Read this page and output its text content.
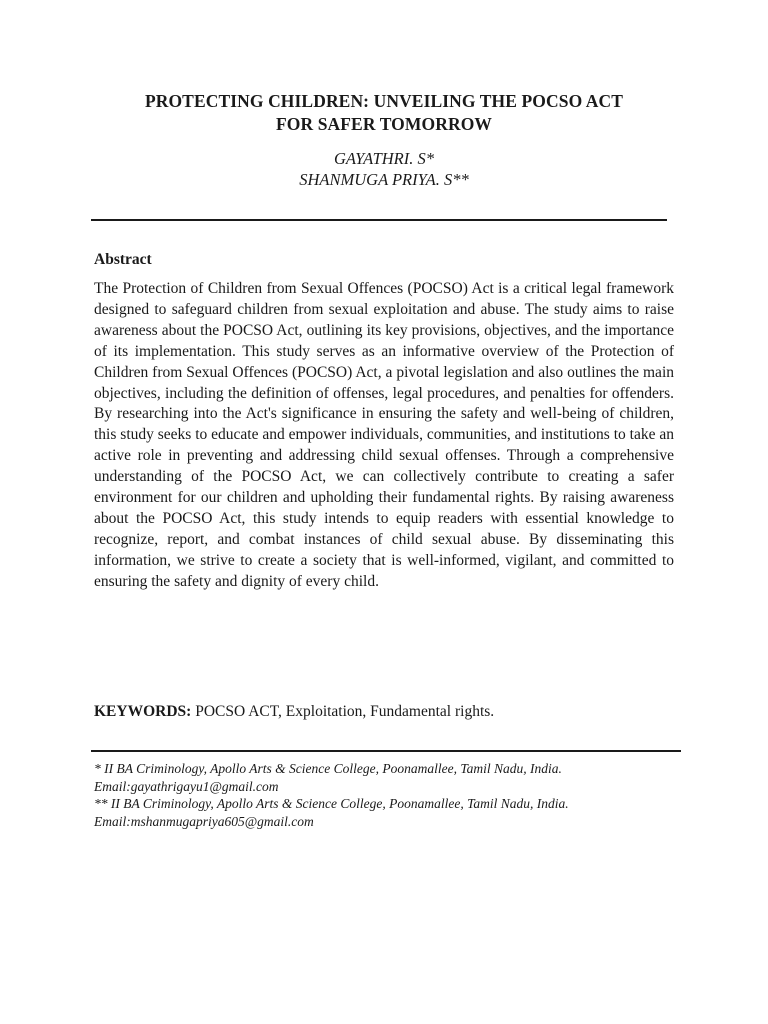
PROTECTING CHILDREN: UNVEILING THE POCSO ACT
FOR SAFER TOMORROW
GAYATHRI. S*
SHANMUGA PRIYA. S**
Abstract

The Protection of Children from Sexual Offences (POCSO) Act is a critical legal framework designed to safeguard children from sexual exploitation and abuse. The study aims to raise awareness about the POCSO Act, outlining its key provisions, objectives, and the importance of its implementation. This study serves as an informative overview of the Protection of Children from Sexual Offences (POCSO) Act, a pivotal legislation and also outlines the main objectives, including the definition of offenses, legal procedures, and penalties for offenders. By researching into the Act's significance in ensuring the safety and well-being of children, this study seeks to educate and empower individuals, communities, and institutions to take an active role in preventing and addressing child sexual offenses. Through a comprehensive understanding of the POCSO Act, we can collectively contribute to creating a safer environment for our children and upholding their fundamental rights. By raising awareness about the POCSO Act, this study intends to equip readers with essential knowledge to recognize, report, and combat instances of child sexual abuse. By disseminating this information, we strive to create a society that is well-informed, vigilant, and committed to ensuring the safety and dignity of every child.

KEYWORDS: POCSO ACT, Exploitation, Fundamental rights.

* II BA Criminology, Apollo Arts & Science College, Poonamallee, Tamil Nadu, India.
Email:gayathrigayu1@gmail.com
** II BA Criminology, Apollo Arts & Science College, Poonamallee, Tamil Nadu, India.
Email:mshanmugapriya605@gmail.com
